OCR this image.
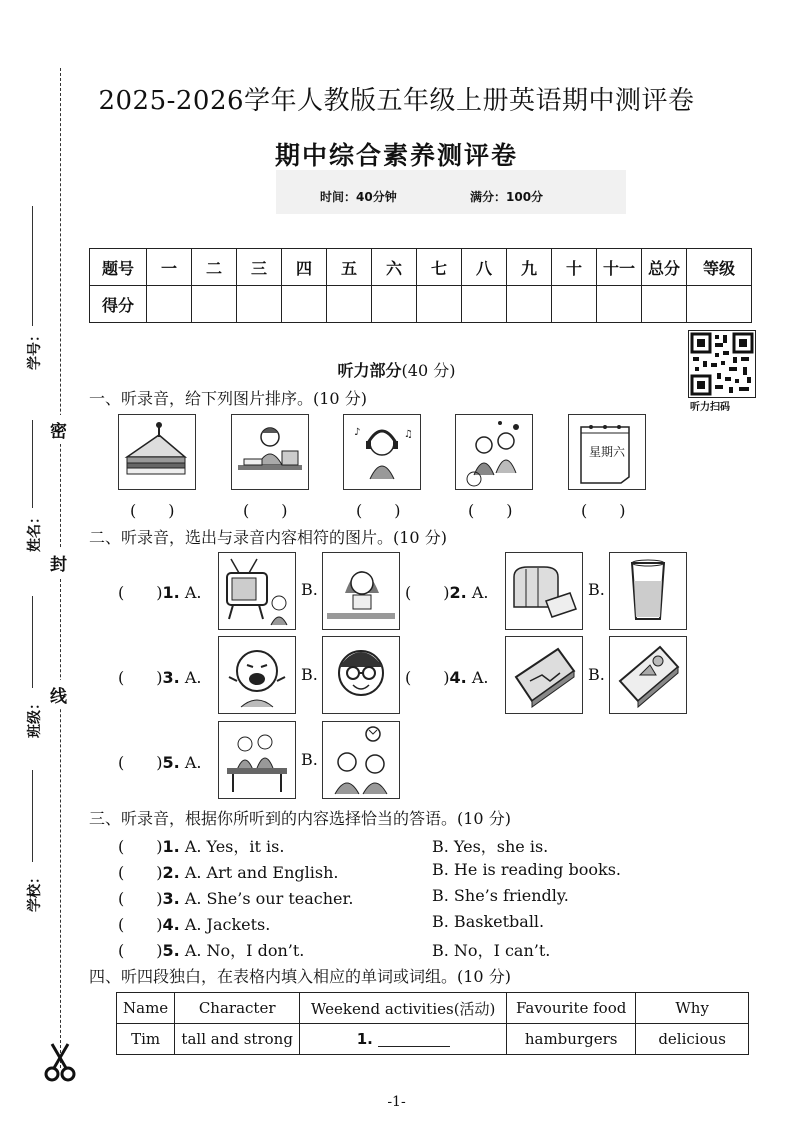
学号：
姓名：
班级：
学校：
密
封
线
2025-2026学年人教版五年级上册英语期中测评卷
期中综合素养测评卷
时间：40分钟	满分：100分
题号	一	二	三	四	五	六	七	八	九	十	十一	总分	等级
得分													
听力扫码
听力部分(40 分)
一、听录音，给下列图片排序。(10 分)
♪	♫
星期六
(　　)	(　　)	(　　)	(　　)	(　　)
二、听录音，选出与录音内容相符的图片。(10 分)
(　　)1. A.	B.	(　　)2. A.	B.
(　　)3. A.	B.	(　　)4. A.	B.
(　　)5. A.	B.
三、听录音，根据你所听到的内容选择恰当的答语。(10 分)
(　　)1. A. Yes，it is.	B. Yes，she is.
(　　)2. A. Art and English.	B. He is reading books.
(　　)3. A. She’s our teacher.	B. She’s friendly.
(　　)4. A. Jackets.	B. Basketball.
(　　)5. A. No，I don’t.	B. No，I can’t.
四、听四段独白，在表格内填入相应的单词或词组。(10 分)
Name	Character	Weekend activities(活动)	Favourite food	Why
Tim	tall and strong	1.	hamburgers	delicious
-1-
